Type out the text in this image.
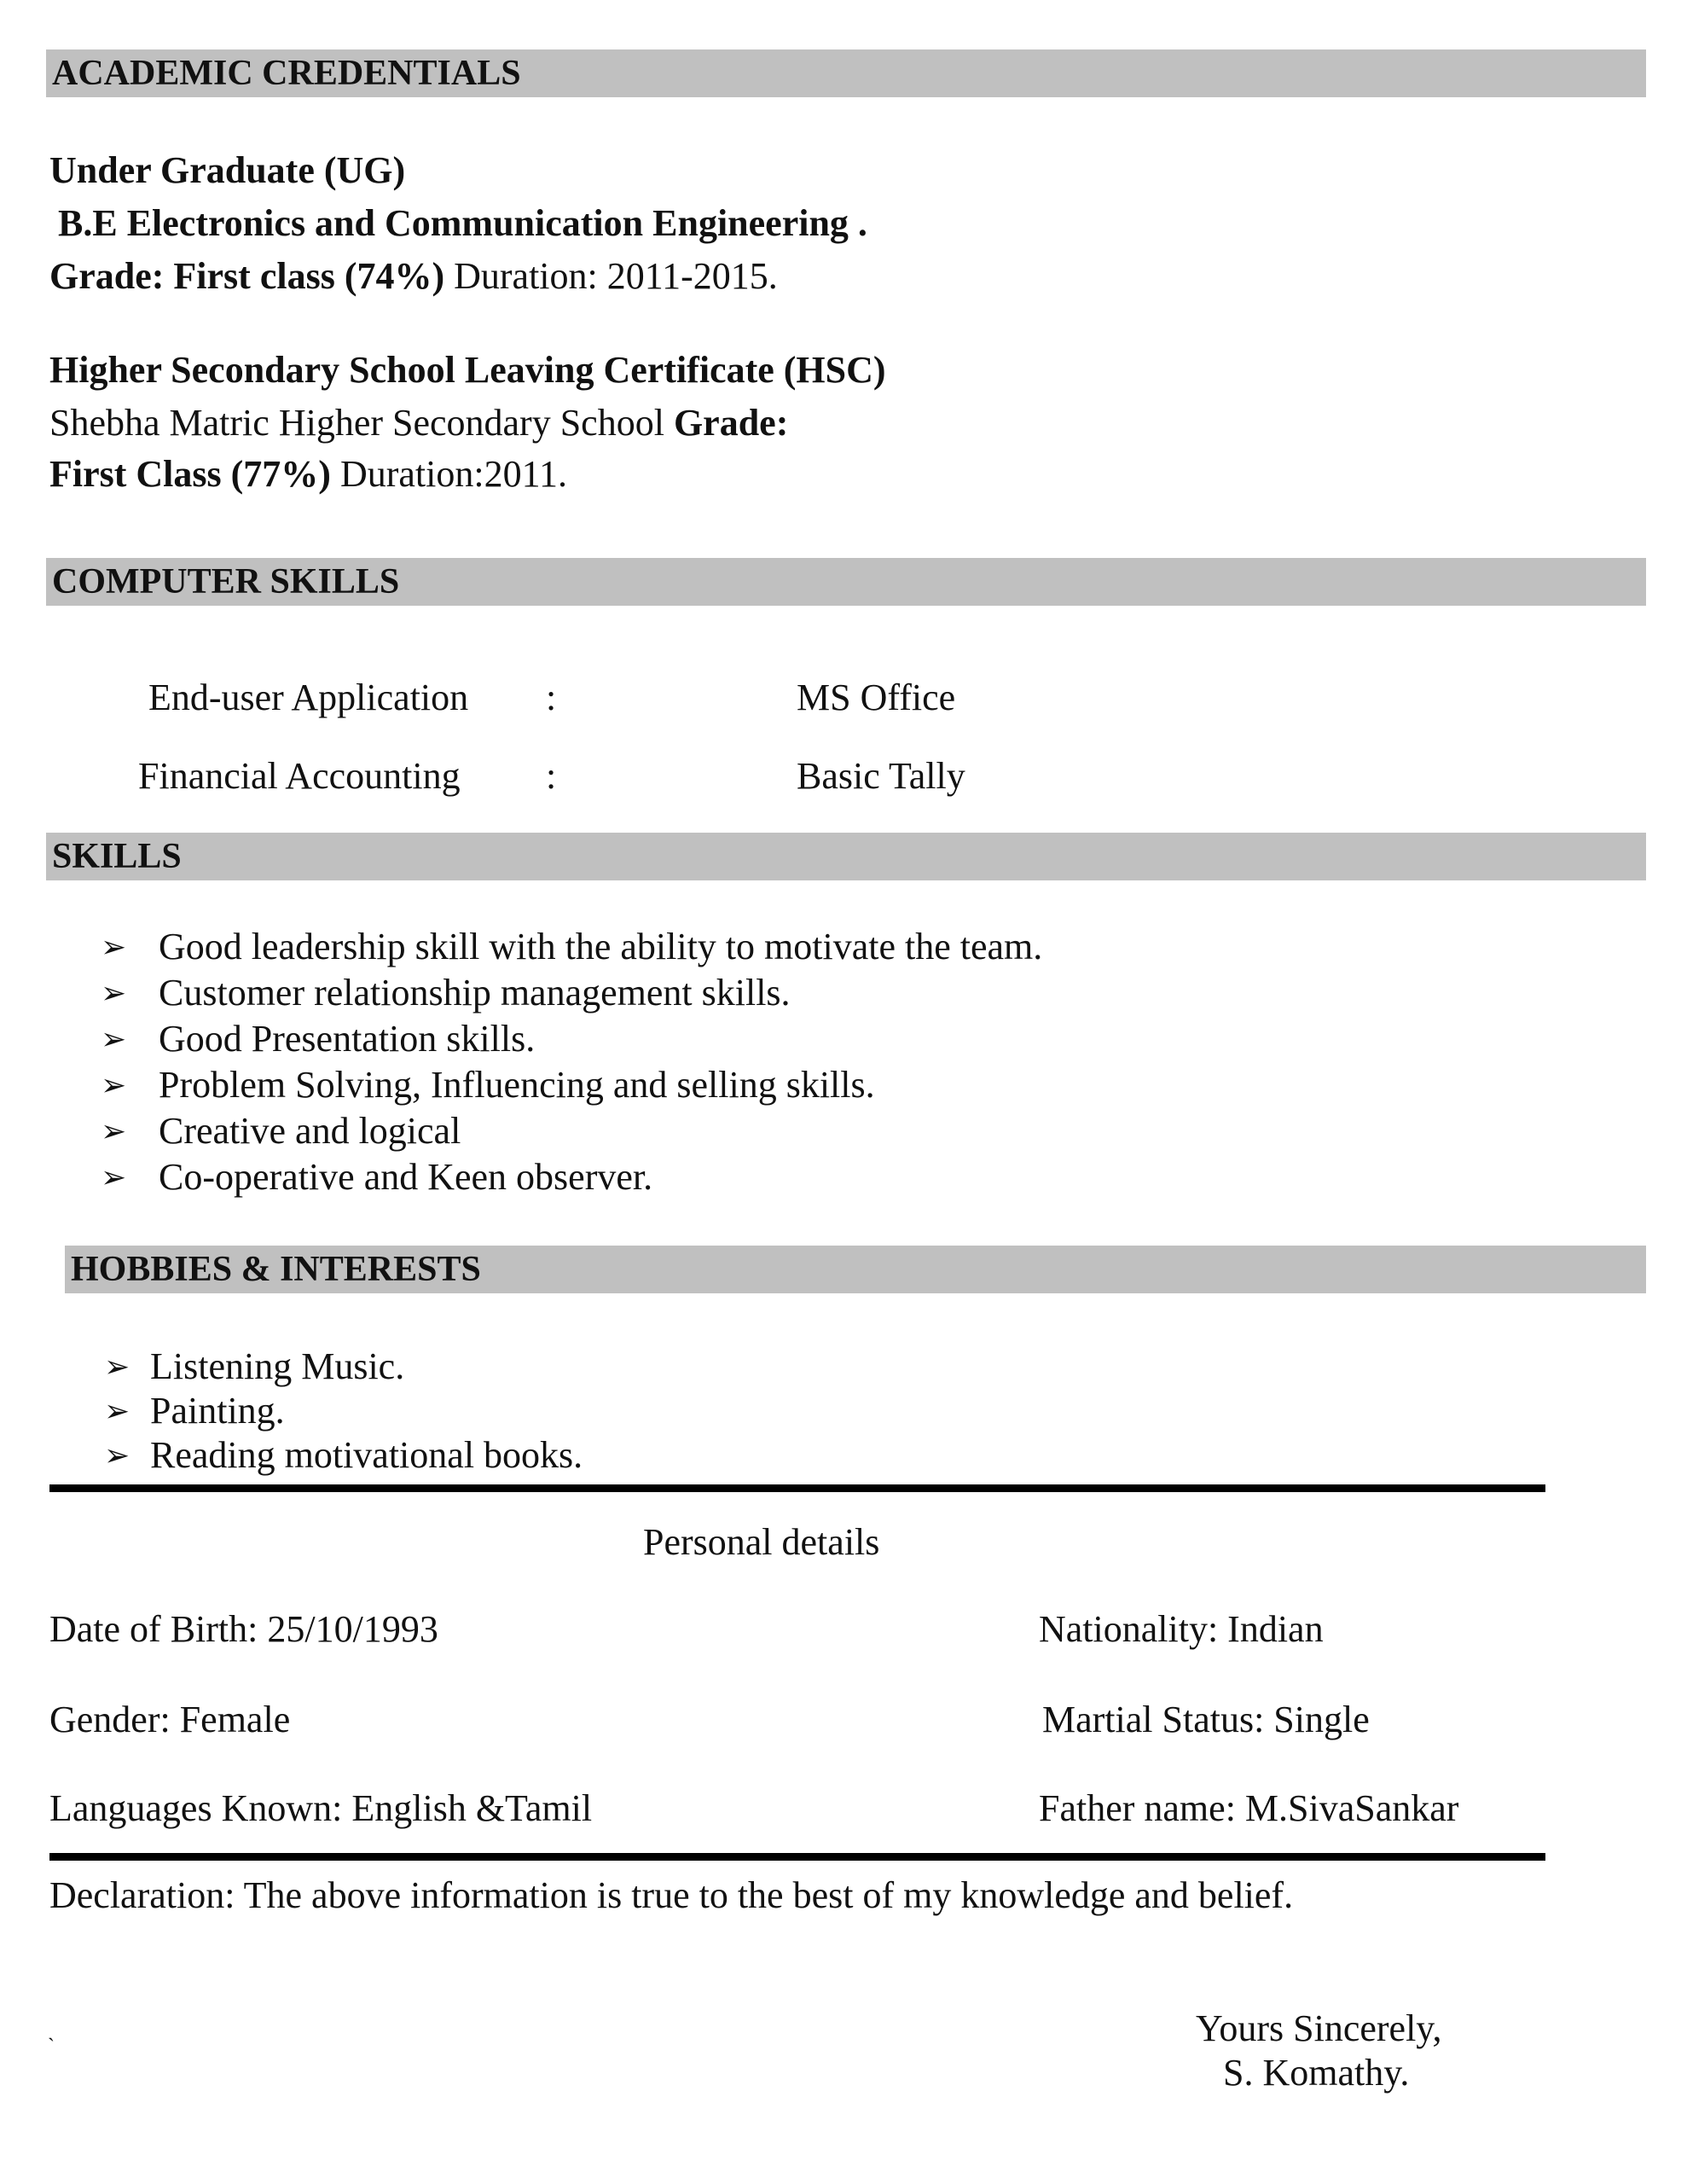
ACADEMIC CREDENTIALS
Under Graduate (UG)
B.E Electronics and Communication Engineering .
Grade: First class (74%) Duration: 2011-2015.
Higher Secondary School Leaving Certificate (HSC)
Shebha Matric Higher Secondary School Grade:
First Class (77%) Duration:2011.
COMPUTER SKILLS
End-user Application :	MS Office
Financial Accounting :	Basic Tally
SKILLS
➢ Good leadership skill with the ability to motivate the team.
➢ Customer relationship management skills.
➢ Good Presentation skills.
➢ Problem Solving, Influencing and selling skills.
➢ Creative and logical
➢ Co-operative and Keen observer.
HOBBIES & INTERESTS
➢ Listening Music.
➢ Painting.
➢ Reading motivational books.
Personal details
Date of Birth: 25/10/1993	Nationality: Indian
Gender: Female	Martial Status: Single
Languages Known: English &Tamil	Father name: M.SivaSankar
Declaration: The above information is true to the best of my knowledge and belief.
`	Yours Sincerely,
S. Komathy.
